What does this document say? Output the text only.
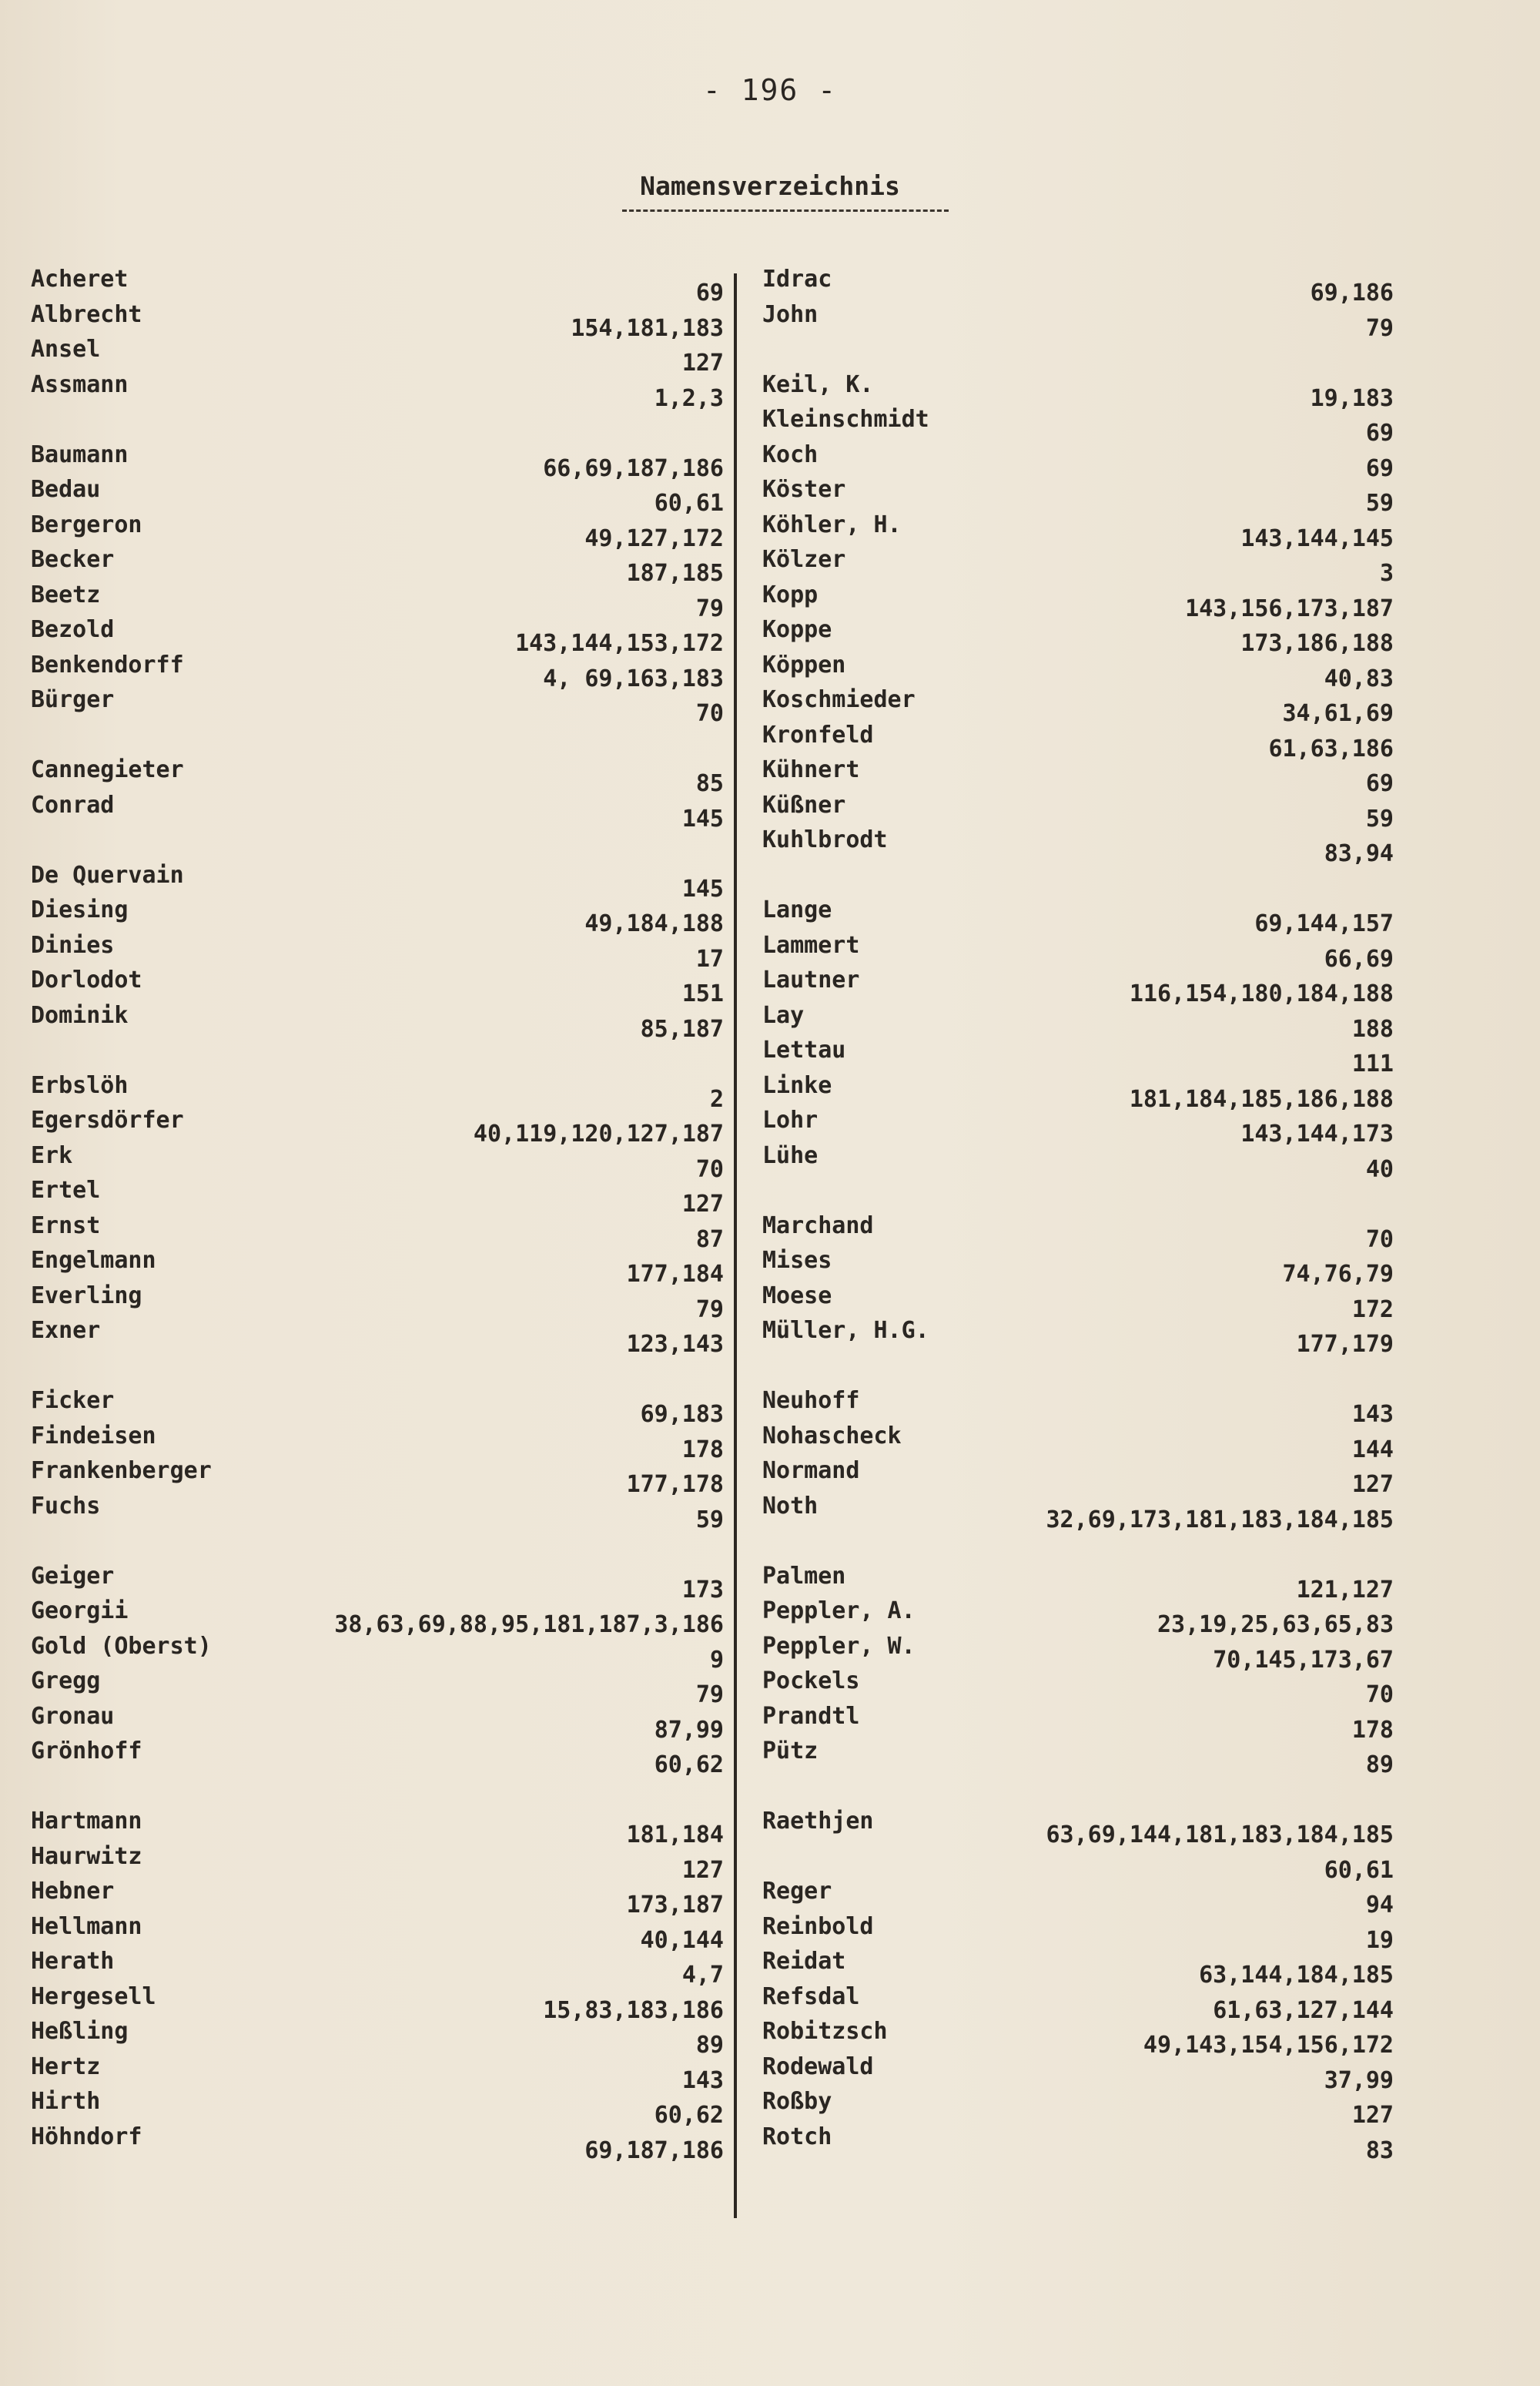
- 196 -
Namensverzeichnis
Acheret
69
Albrecht
154,181,183
Ansel
127
Assmann
1,2,3
Baumann
66,69,187,186
Bedau
60,61
Bergeron
49,127,172
Becker
187,185
Beetz
79
Bezold
143,144,153,172
Benkendorff
4, 69,163,183
Bürger
70
Cannegieter
85
Conrad
145
De Quervain
145
Diesing
49,184,188
Dinies
17
Dorlodot
151
Dominik
85,187
Erbslöh
2
Egersdörfer
40,119,120,127,187
Erk
70
Ertel
127
Ernst
87
Engelmann
177,184
Everling
79
Exner
123,143
Ficker
69,183
Findeisen
178
Frankenberger
177,178
Fuchs
59
Geiger
173
Georgii
38,63,69,88,95,181,187,3,186
Gold (Oberst)
9
Gregg
79
Gronau
87,99
Grönhoff
60,62
Hartmann
181,184
Haurwitz
127
Hebner
173,187
Hellmann
40,144
Herath
4,7
Hergesell
15,83,183,186
Heßling
89
Hertz
143
Hirth
60,62
Höhndorf
69,187,186
Idrac
69,186
John
79
Keil, K.
19,183
Kleinschmidt
69
Koch
69
Köster
59
Köhler, H.
143,144,145
Kölzer
3
Kopp
143,156,173,187
Koppe
173,186,188
Köppen
40,83
Koschmieder
34,61,69
Kronfeld
61,63,186
Kühnert
69
Küßner
59
Kuhlbrodt
83,94
Lange
69,144,157
Lammert
66,69
Lautner
116,154,180,184,188
Lay
188
Lettau
111
Linke
181,184,185,186,188
Lohr
143,144,173
Lühe
40
Marchand
70
Mises
74,76,79
Moese
172
Müller, H.G.
177,179
Neuhoff
143
Nohascheck
144
Normand
127
Noth
32,69,173,181,183,184,185
Palmen
121,127
Peppler, A.
23,19,25,63,65,83
Peppler, W.
70,145,173,67
Pockels
70
Prandtl
178
Pütz
89
Raethjen
63,69,144,181,183,184,185
60,61
Reger
94
Reinbold
19
Reidat
63,144,184,185
Refsdal
61,63,127,144
Robitzsch
49,143,154,156,172
Rodewald
37,99
Roßby
127
Rotch
83
